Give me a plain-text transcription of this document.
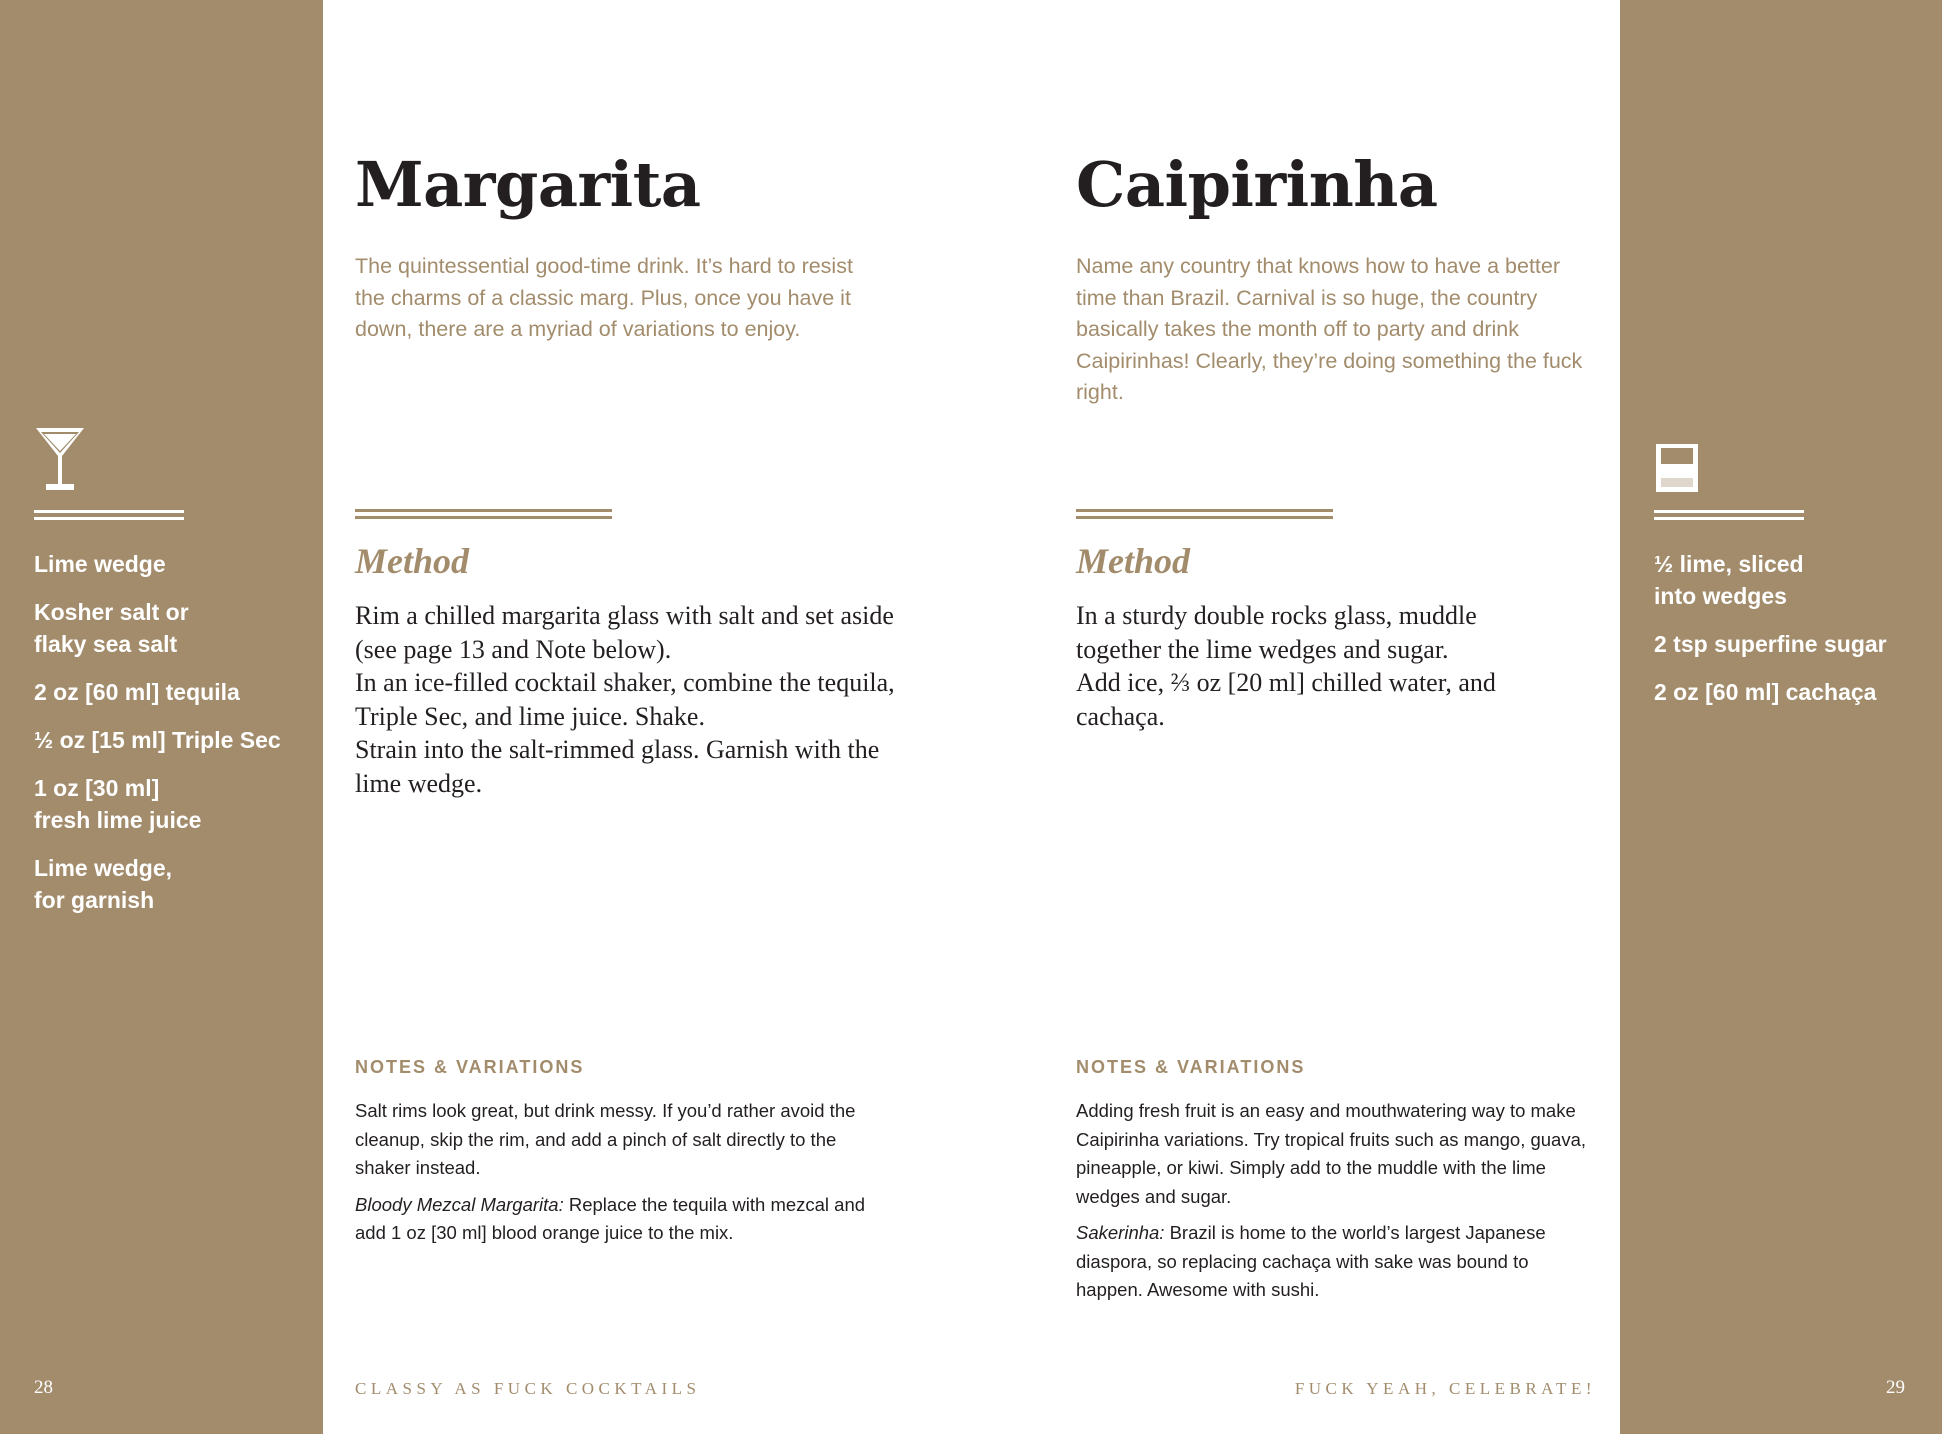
Lime wedge

Kosher salt or
flaky sea salt

2 oz [60 ml] tequila

½ oz [15 ml] Triple Sec

1 oz [30 ml]
fresh lime juice

Lime wedge,
for garnish

28
Margarita

The quintessential good-time drink. It’s hard to resist the charms of a classic marg. Plus, once you have it down, there are a myriad of variations to enjoy.

Method

Rim a chilled margarita glass with salt and set aside (see page 13 and Note below).
In an ice-filled cocktail shaker, combine the tequila, Triple Sec, and lime juice. Shake.
Strain into the salt-rimmed glass. Garnish with the lime wedge.

NOTES & VARIATIONS

Salt rims look great, but drink messy. If you’d rather avoid the cleanup, skip the rim, and add a pinch of salt directly to the shaker instead.

Bloody Mezcal Margarita: Replace the tequila with mezcal and add 1 oz [30 ml] blood orange juice to the mix.

CLASSY AS FUCK COCKTAILS
Caipirinha

Name any country that knows how to have a better time than Brazil. Carnival is so huge, the country basically takes the month off to party and drink Caipirinhas! Clearly, they’re doing something the fuck right.

Method

In a sturdy double rocks glass, muddle together the lime wedges and sugar.
Add ice, ⅔ oz [20 ml] chilled water, and cachaça.

NOTES & VARIATIONS

Adding fresh fruit is an easy and mouthwatering way to make Caipirinha variations. Try tropical fruits such as mango, guava, pineapple, or kiwi. Simply add to the muddle with the lime wedges and sugar.

Sakerinha: Brazil is home to the world’s largest Japanese diaspora, so replacing cachaça with sake was bound to happen. Awesome with sushi.

FUCK YEAH, CELEBRATE!

½ lime, sliced
into wedges

2 tsp superfine sugar

2 oz [60 ml] cachaça

29
